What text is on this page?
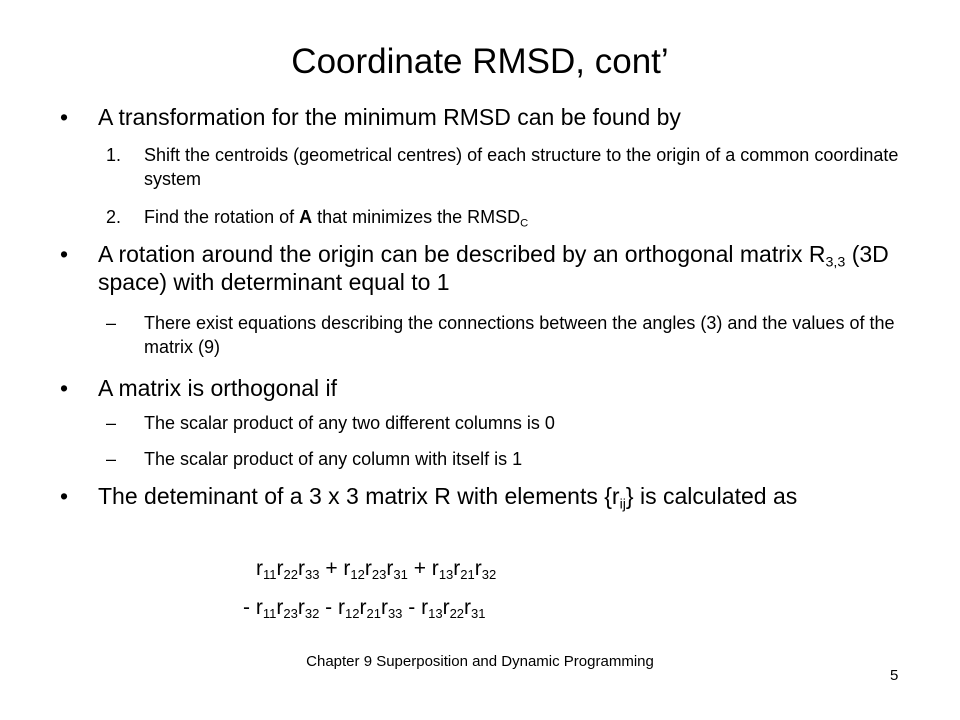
Coordinate RMSD, cont’
• A transformation for the minimum RMSD can be found by
1. Shift the centroids (geometrical centres) of each structure to the origin of a common coordinate system
2. Find the rotation of A that minimizes the $RMSD_C$
• A rotation around the origin can be described by an orthogonal matrix $R_{3,3}$ (3D space) with determinant equal to 1
– There exist equations describing the connections between the angles (3) and the values of the matrix (9)
• A matrix is orthogonal if
– The scalar product of any two different columns is 0
– The scalar product of any column with itself is 1
• The deteminant of a 3 x 3 matrix R with elements $\{r_{ij}\}$ is calculated as
$r_{11}r_{22}r_{33} + r_{12}r_{23}r_{31} + r_{13}r_{21}r_{32}$
- $r_{11}r_{23}r_{32} - r_{12}r_{21}r_{33} - r_{13}r_{22}r_{31}$
Chapter 9 Superposition and Dynamic Programming
5
